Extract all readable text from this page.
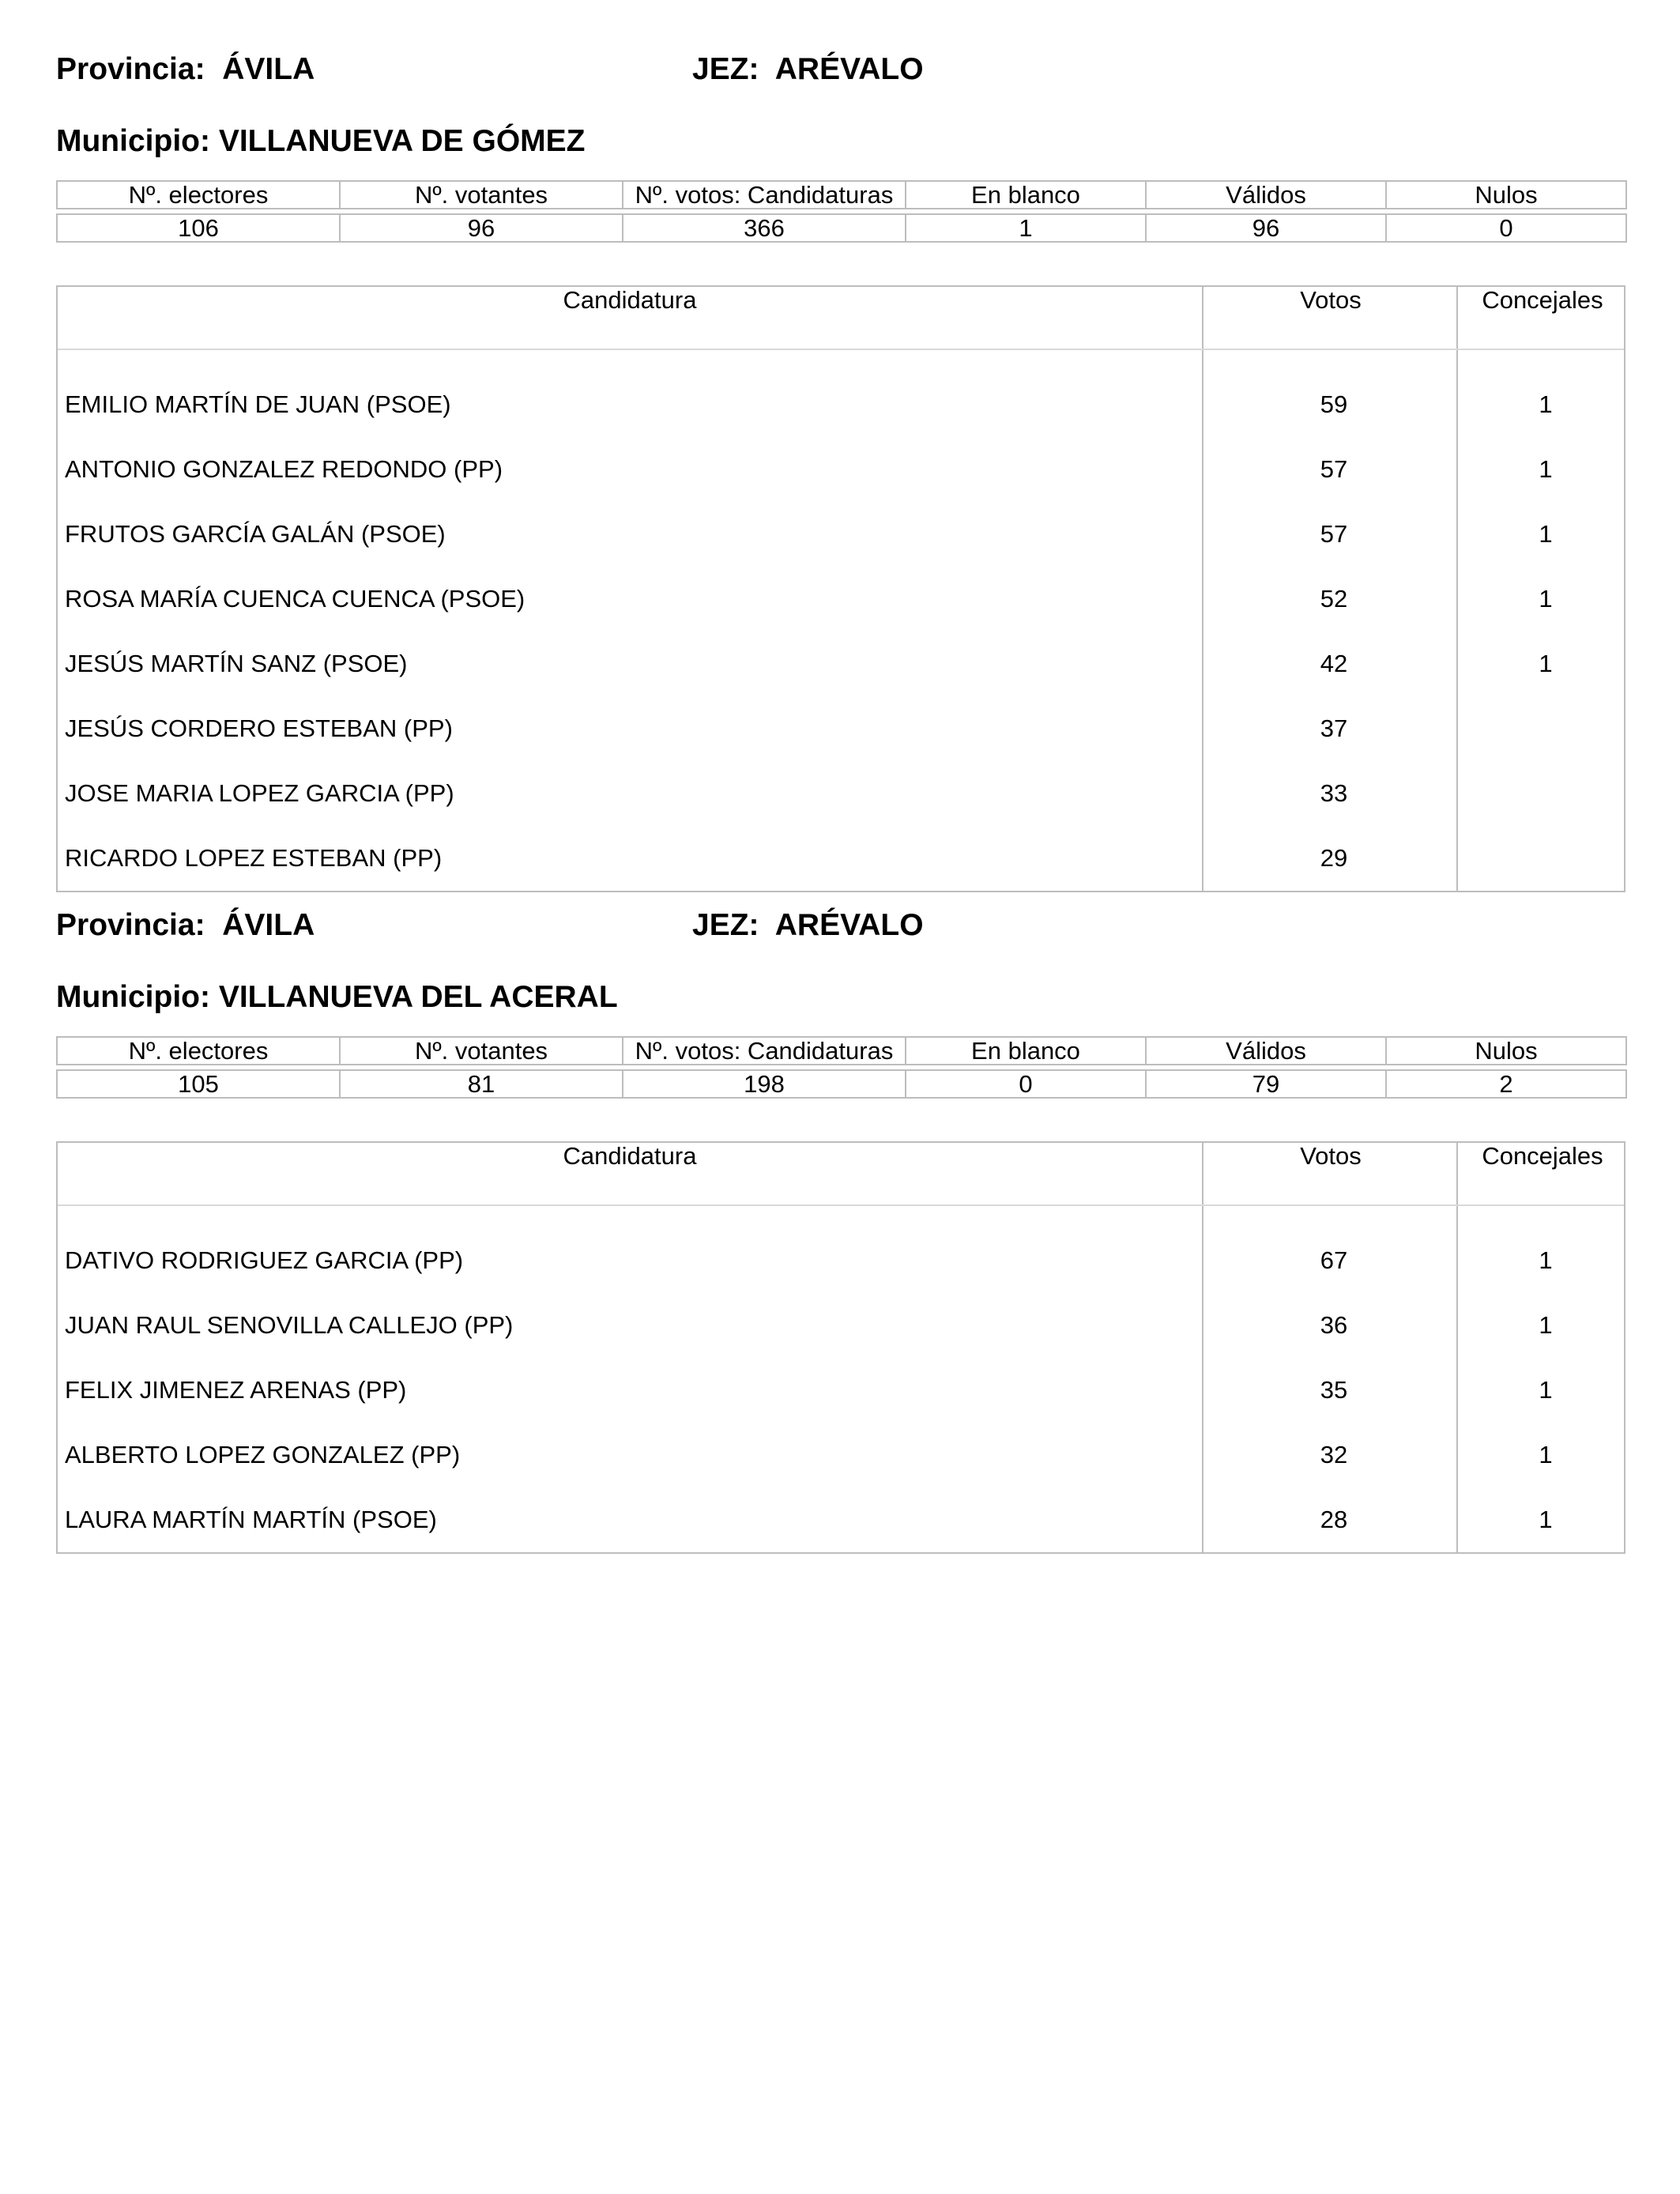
Provincia: ÁVILA	JEZ: ARÉVALO
Municipio: VILLANUEVA DE GÓMEZ
Nº. electores	Nº. votantes	Nº. votos: Candidaturas	En blanco	Válidos	Nulos

106	96	366	1	96	0
Candidatura	Votos	Concejales
EMILIO MARTÍN DE JUAN (PSOE)	59	1
ANTONIO GONZALEZ REDONDO (PP)	57	1
FRUTOS GARCÍA GALÁN (PSOE)	57	1
ROSA MARÍA CUENCA CUENCA (PSOE)	52	1
JESÚS MARTÍN SANZ (PSOE)	42	1
JESÚS CORDERO ESTEBAN (PP)	37
JOSE MARIA LOPEZ GARCIA (PP)	33
RICARDO LOPEZ ESTEBAN (PP)	29
Provincia: ÁVILA	JEZ: ARÉVALO
Municipio: VILLANUEVA DEL ACERAL
Nº. electores	Nº. votantes	Nº. votos: Candidaturas	En blanco	Válidos	Nulos

105	81	198	0	79	2
Candidatura	Votos	Concejales
DATIVO RODRIGUEZ GARCIA (PP)	67	1
JUAN RAUL SENOVILLA CALLEJO (PP)	36	1
FELIX JIMENEZ ARENAS (PP)	35	1
ALBERTO LOPEZ GONZALEZ (PP)	32	1
LAURA MARTÍN MARTÍN (PSOE)	28	1
